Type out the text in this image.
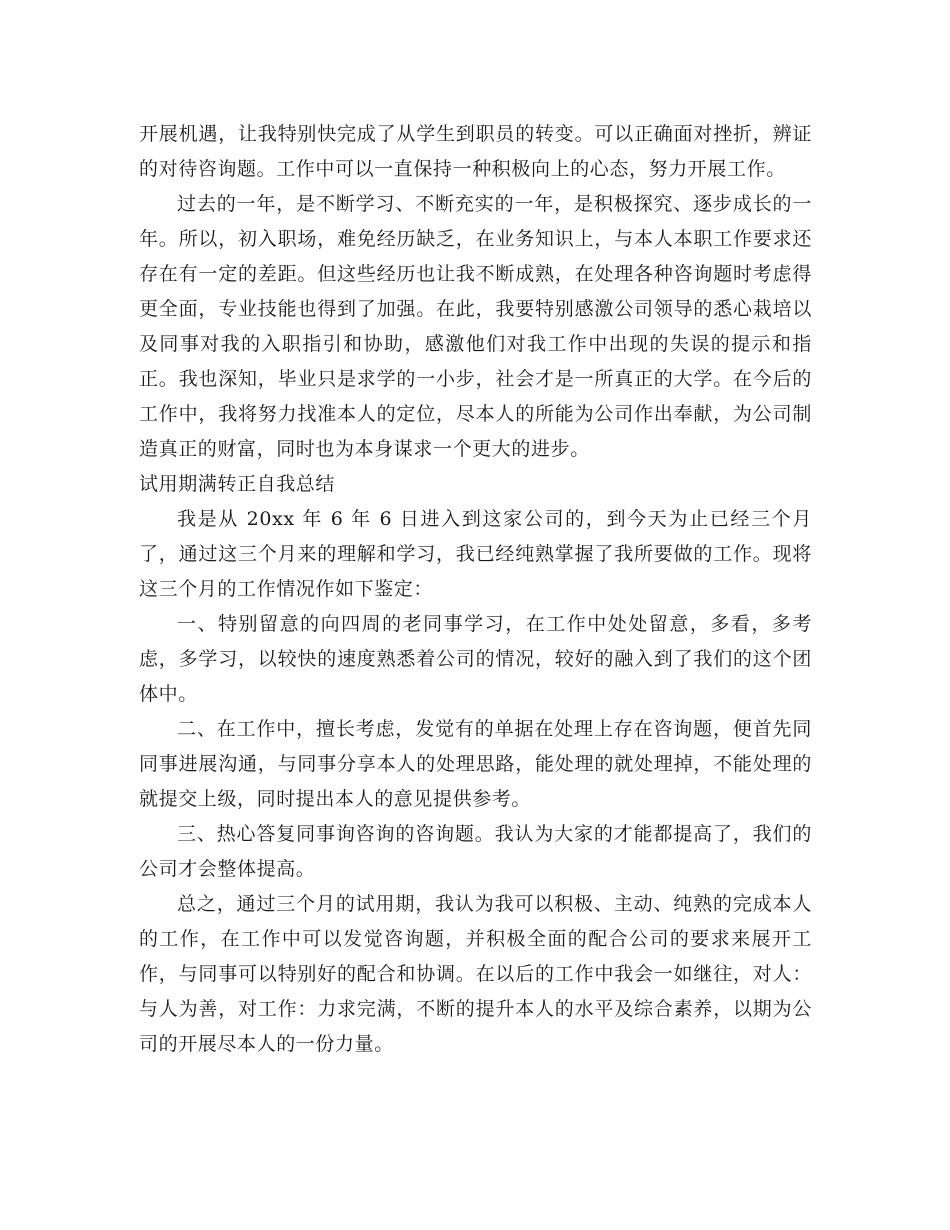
开展机遇，让我特别快完成了从学生到职员的转变。可以正确面对挫折，辨证的对待咨询题。工作中可以一直保持一种积极向上的心态，努力开展工作。

过去的一年，是不断学习、不断充实的一年，是积极探究、逐步成长的一年。所以，初入职场，难免经历缺乏，在业务知识上，与本人本职工作要求还存在有一定的差距。但这些经历也让我不断成熟，在处理各种咨询题时考虑得更全面，专业技能也得到了加强。在此，我要特别感激公司领导的悉心栽培以及同事对我的入职指引和协助，感激他们对我工作中出现的失误的提示和指正。我也深知，毕业只是求学的一小步，社会才是一所真正的大学。在今后的工作中，我将努力找准本人的定位，尽本人的所能为公司作出奉献，为公司制造真正的财富，同时也为本身谋求一个更大的进步。

试用期满转正自我总结

我是从 20xx 年 6 年 6 日进入到这家公司的，到今天为止已经三个月了，通过这三个月来的理解和学习，我已经纯熟掌握了我所要做的工作。现将这三个月的工作情况作如下鉴定：

一、特别留意的向四周的老同事学习，在工作中处处留意，多看，多考虑，多学习，以较快的速度熟悉着公司的情况，较好的融入到了我们的这个团体中。

二、在工作中，擅长考虑，发觉有的单据在处理上存在咨询题，便首先同同事进展沟通，与同事分享本人的处理思路，能处理的就处理掉，不能处理的就提交上级，同时提出本人的意见提供参考。

三、热心答复同事询咨询的咨询题。我认为大家的才能都提高了，我们的公司才会整体提高。

总之，通过三个月的试用期，我认为我可以积极、主动、纯熟的完成本人的工作，在工作中可以发觉咨询题，并积极全面的配合公司的要求来展开工作，与同事可以特别好的配合和协调。在以后的工作中我会一如继往，对人：与人为善，对工作：力求完满，不断的提升本人的水平及综合素养，以期为公司的开展尽本人的一份力量。
